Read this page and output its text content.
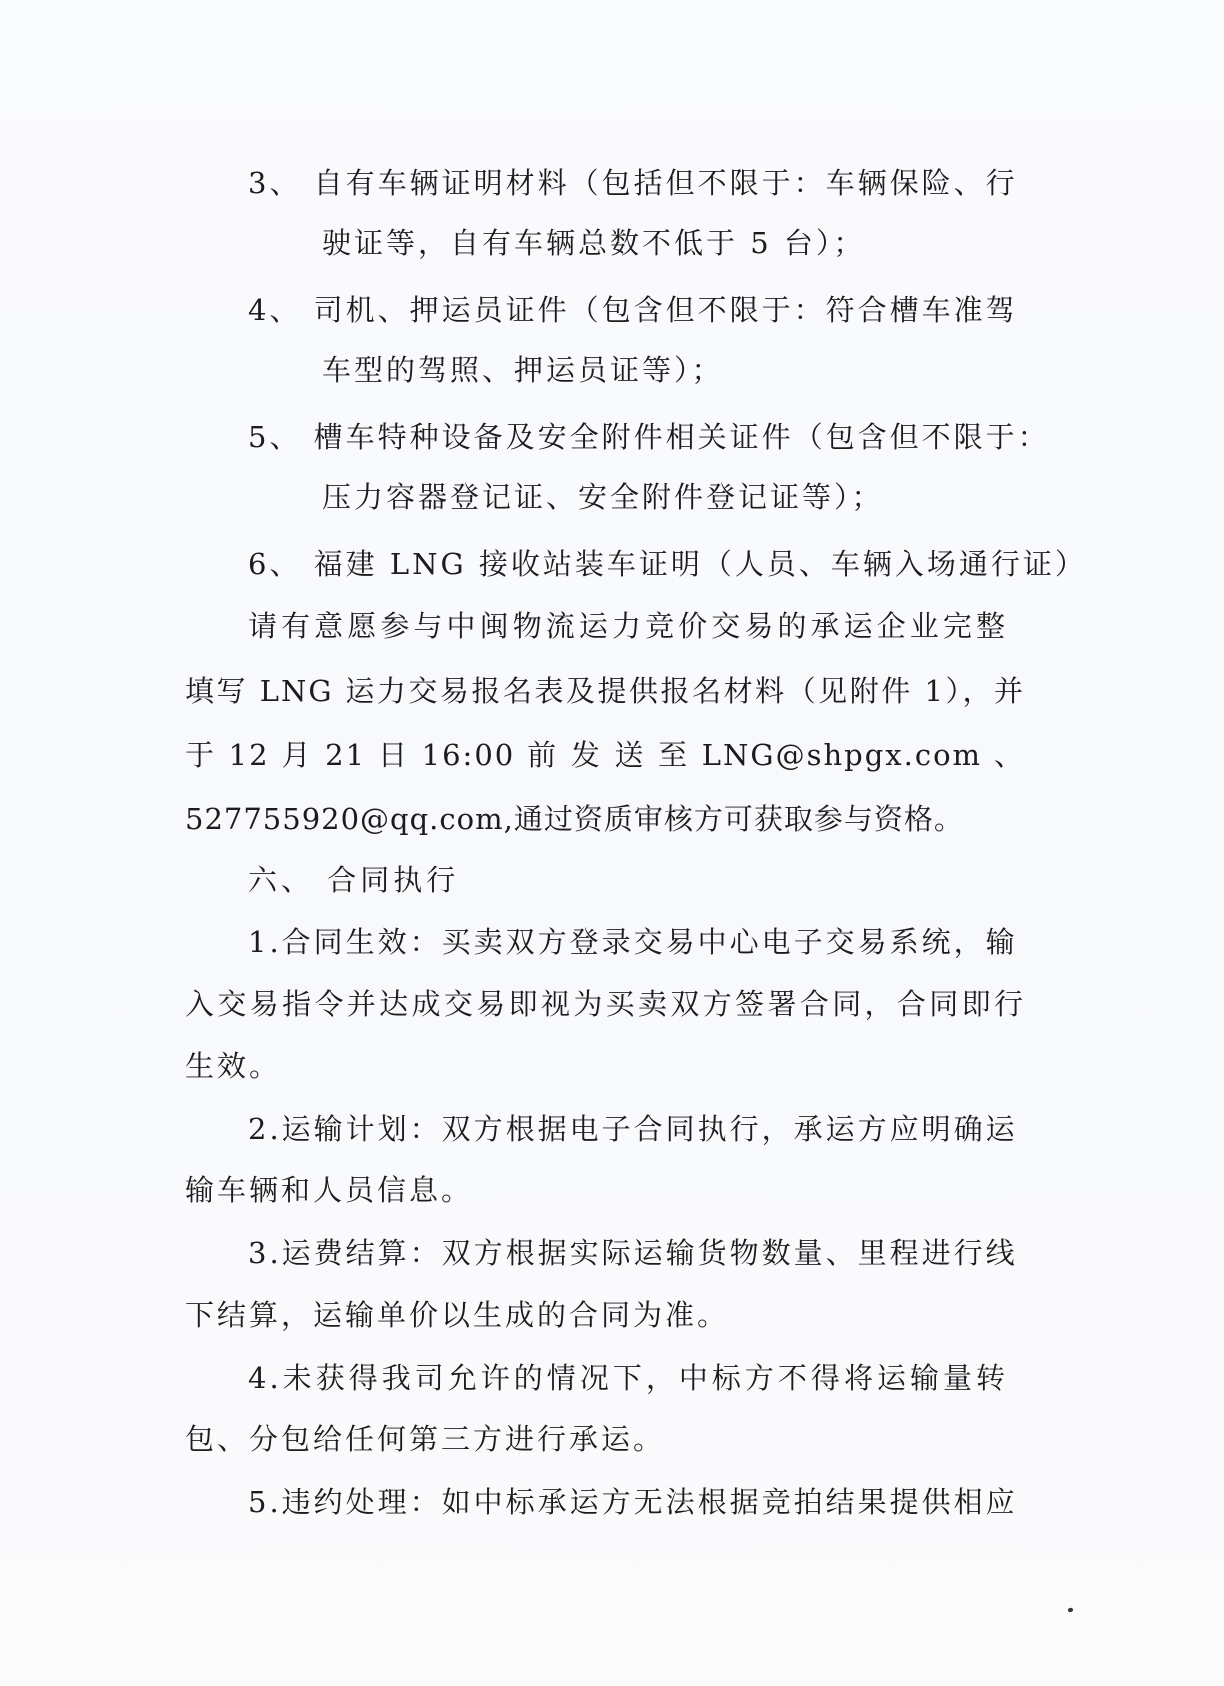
3、 自有车辆证明材料（包括但不限于：车辆保险、行
驶证等，自有车辆总数不低于 5 台）；
4、 司机、押运员证件（包含但不限于：符合槽车准驾
车型的驾照、押运员证等）；
5、 槽车特种设备及安全附件相关证件（包含但不限于：
压力容器登记证、安全附件登记证等）；
6、 福建 LNG 接收站装车证明（人员、车辆入场通行证）
请有意愿参与中闽物流运力竞价交易的承运企业完整
填写 LNG 运力交易报名表及提供报名材料（见附件 1），并
于 12 月 21 日 16:00 前 发 送 至 LNG@shpgx.com 、
527755920@qq.com,通过资质审核方可获取参与资格。
六、 合同执行
1.合同生效：买卖双方登录交易中心电子交易系统，输
入交易指令并达成交易即视为买卖双方签署合同，合同即行
生效。
2.运输计划：双方根据电子合同执行，承运方应明确运
输车辆和人员信息。
3.运费结算：双方根据实际运输货物数量、里程进行线
下结算，运输单价以生成的合同为准。
4.未获得我司允许的情况下，中标方不得将运输量转
包、分包给任何第三方进行承运。
5.违约处理：如中标承运方无法根据竞拍结果提供相应
